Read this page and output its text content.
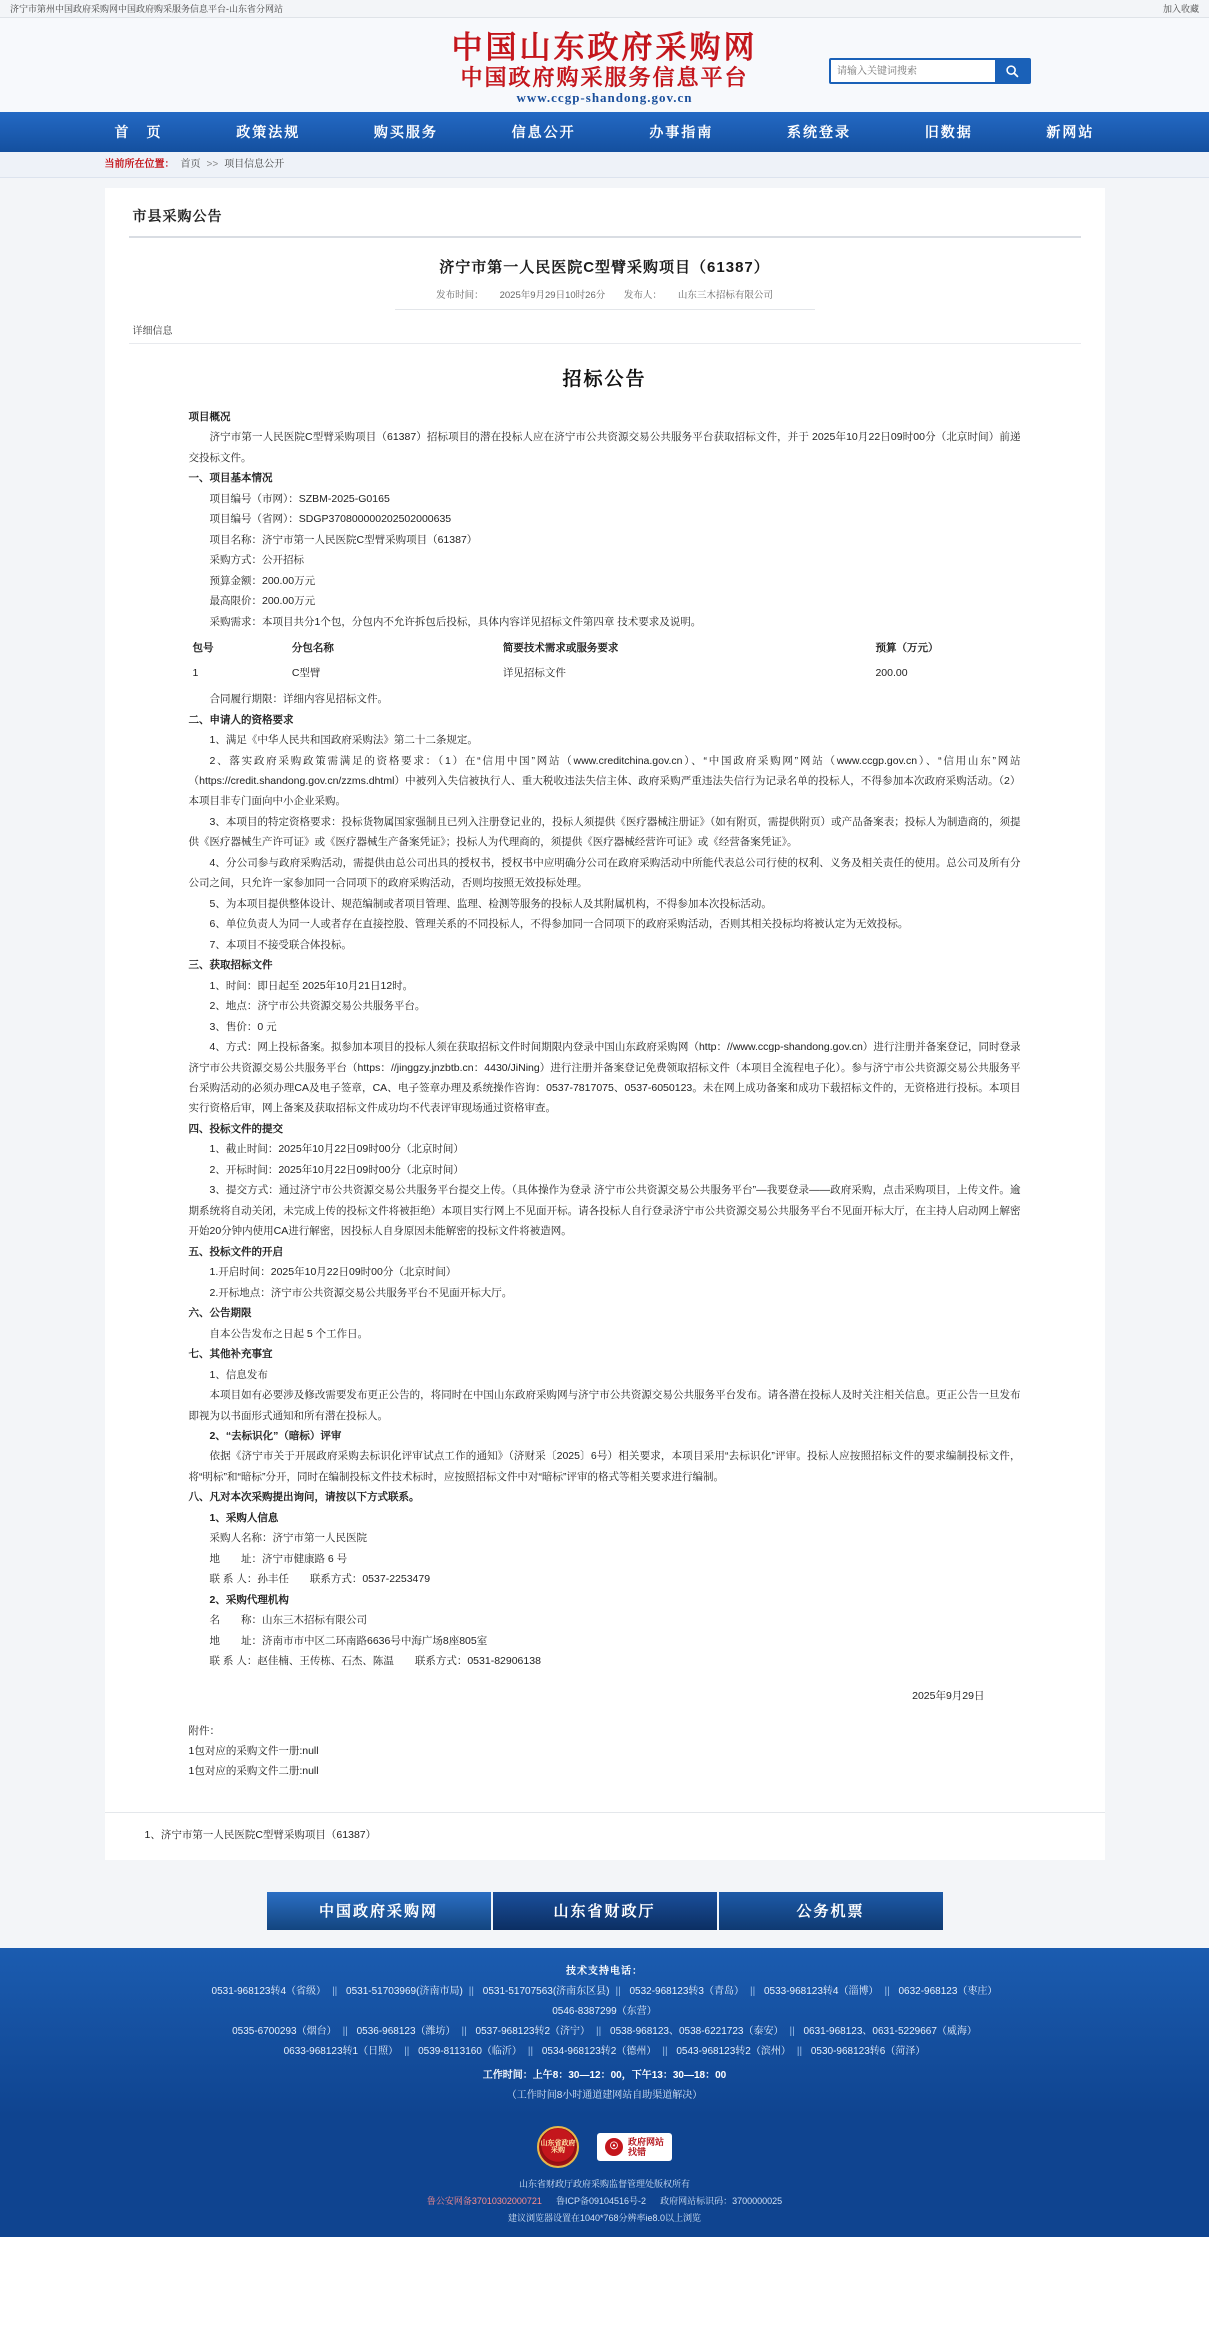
济宁市第州中国政府采购网中国政府购采服务信息平台-山东省分网站	加入收藏
中国山东政府采购网
中国政府购采服务信息平台
www.ccgp-shandong.gov.cn
请输入关键词搜索
首　页	政策法规	购买服务	信息公开	办事指南	系统登录	旧数据	新网站
当前所在位置： 首页 >> 项目信息公开
市县采购公告
济宁市第一人民医院C型臂采购项目（61387）
发布时间： 2025年9月29日10时26分 发布人： 山东三木招标有限公司
详细信息
招标公告

项目概况

济宁市第一人民医院C型臂采购项目（61387）招标项目的潜在投标人应在济宁市公共资源交易公共服务平台获取招标文件，并于 2025年10月22日09时00分（北京时间）前递交投标文件。

一、项目基本情况

项目编号（市网）：SZBM-2025-G0165

项目编号（省网）：SDGP370800000202502000635

项目名称：济宁市第一人民医院C型臂采购项目（61387）

采购方式：公开招标

预算金额：200.00万元

最高限价：200.00万元

采购需求：本项目共分1个包，分包内不允许拆包后投标，具体内容详见招标文件第四章 技术要求及说明。

包号	分包名称	简要技术需求或服务要求	预算（万元）
1	C型臂	详见招标文件	200.00

合同履行期限：详细内容见招标文件。

二、申请人的资格要求

1、满足《中华人民共和国政府采购法》第二十二条规定。

2、落实政府采购政策需满足的资格要求：（1）在“信用中国”网站（www.creditchina.gov.cn）、“中国政府采购网”网站（www.ccgp.gov.cn）、“信用山东”网站（https://credit.shandong.gov.cn/zzms.dhtml）中被列入失信被执行人、重大税收违法失信主体、政府采购严重违法失信行为记录名单的投标人，不得参加本次政府采购活动。（2）本项目非专门面向中小企业采购。

3、本项目的特定资格要求：投标货物属国家强制且已列入注册登记业的，投标人须提供《医疗器械注册证》（如有附页，需提供附页）或产品备案表；投标人为制造商的，须提供《医疗器械生产许可证》或《医疗器械生产备案凭证》；投标人为代理商的，须提供《医疗器械经营许可证》或《经营备案凭证》。

4、分公司参与政府采购活动，需提供由总公司出具的授权书，授权书中应明确分公司在政府采购活动中所能代表总公司行使的权利、义务及相关责任的使用。总公司及所有分公司之间，只允许一家参加同一合同项下的政府采购活动，否则均按照无效投标处理。

5、为本项目提供整体设计、规范编制或者项目管理、监理、检测等服务的投标人及其附属机构，不得参加本次投标活动。

6、单位负责人为同一人或者存在直接控股、管理关系的不同投标人，不得参加同一合同项下的政府采购活动，否则其相关投标均将被认定为无效投标。

7、本项目不接受联合体投标。

三、获取招标文件

1、时间：即日起至 2025年10月21日12时。

2、地点：济宁市公共资源交易公共服务平台。

3、售价：0 元

4、方式：网上投标备案。拟参加本项目的投标人须在获取招标文件时间期限内登录中国山东政府采购网（http：//www.ccgp-shandong.gov.cn）进行注册并备案登记，同时登录济宁市公共资源交易公共服务平台（https：//jinggzy.jnzbtb.cn：4430/JiNing）进行注册并备案登记免费领取招标文件（本项目全流程电子化）。参与济宁市公共资源交易公共服务平台采购活动的必须办理CA及电子签章，CA、电子签章办理及系统操作咨询：0537-7817075、0537-6050123。未在网上成功备案和成功下载招标文件的，无资格进行投标。本项目实行资格后审，网上备案及获取招标文件成功均不代表评审现场通过资格审查。

四、投标文件的提交

1、截止时间：2025年10月22日09时00分（北京时间）

2、开标时间：2025年10月22日09时00分（北京时间）

3、提交方式：通过济宁市公共资源交易公共服务平台提交上传。（具体操作为登录 济宁市公共资源交易公共服务平台”—我要登录——政府采购，点击采购项目，上传文件。逾期系统将自动关闭，未完成上传的投标文件将被拒绝）本项目实行网上不见面开标。请各投标人自行登录济宁市公共资源交易公共服务平台不见面开标大厅，在主持人启动网上解密开始20分钟内使用CA进行解密，因投标人自身原因未能解密的投标文件将被造网。

五、投标文件的开启

1.开启时间：2025年10月22日09时00分（北京时间）

2.开标地点：济宁市公共资源交易公共服务平台不见面开标大厅。

六、公告期限

自本公告发布之日起 5 个工作日。

七、其他补充事宜

1、信息发布

本项目如有必要涉及修改需要发布更正公告的，将同时在中国山东政府采购网与济宁市公共资源交易公共服务平台发布。请各潜在投标人及时关注相关信息。更正公告一旦发布即视为以书面形式通知和所有潜在投标人。

2、“去标识化”（暗标）评审

依据《济宁市关于开展政府采购去标识化评审试点工作的通知》（济财采〔2025〕6号）相关要求，本项目采用“去标识化”评审。投标人应按照招标文件的要求编制投标文件，将“明标”和“暗标”分开，同时在编制投标文件技术标时，应按照招标文件中对“暗标”评审的格式等相关要求进行编制。

八、凡对本次采购提出询问，请按以下方式联系。

1、采购人信息

采购人名称：济宁市第一人民医院

地　　址：济宁市健康路 6 号

联 系 人：孙丰任　　联系方式：0537-2253479

2、采购代理机构

名　　称：山东三木招标有限公司

地　　址：济南市市中区二环南路6636号中海广场8座805室

联 系 人：赵佳楠、王传栋、石杰、陈温　　联系方式：0531-82906138

2025年9月29日

附件：

1包对应的采购文件一册:null

1包对应的采购文件二册:null

1、济宁市第一人民医院C型臂采购项目（61387）
中国政府采购网	山东省财政厅	公务机票
技术支持电话：
0531-968123转4（省级） || 0531-51703969(济南市局) || 0531-51707563(济南东区县) || 0532-968123转3（青岛） || 0533-968123转4（淄博） || 0632-968123（枣庄）
0546-8387299（东营）
0535-6700293（烟台） || 0536-968123（潍坊） || 0537-968123转2（济宁） || 0538-968123、0538-6221723（泰安） || 0631-968123、0631-5229667（威海）
0633-968123转1（日照） || 0539-8113160（临沂） || 0534-968123转2（德州） || 0543-968123转2（滨州） || 0530-968123转6（菏泽）
工作时间：上午8：30—12：00，下午13：30—18：00
（工作时间8小时通道建网站自助渠道解决）
山东省政府采购	☉	政府网站
找错
山东省财政厅政府采购监督管理处版权所有
鲁公安网备37010302000721 　 鲁ICP备09104516号-2 　 政府网站标识码：3700000025
建议浏览器设置在1040*768分辨率ie8.0以上浏览
